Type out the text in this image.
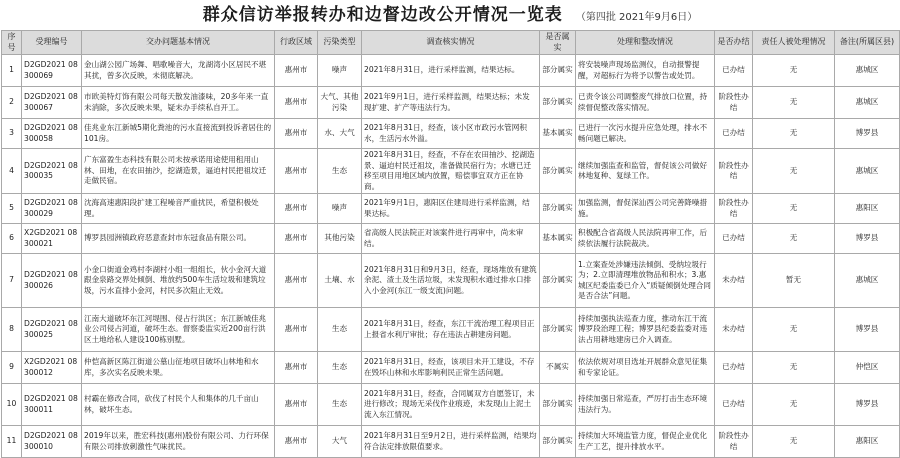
群众信访举报转办和边督边改公开情况一览表 （第四批 2021年9月6日）
序号	受理编号	交办问题基本情况	行政区域	污染类型	调查核实情况	是否属实	处理和整改情况	是否办结	责任人被处理情况	备注(所属区县)
1	D2GD2021 08300069	金山湖公园广场舞、唱歌噪音大，龙湖湾小区居民不堪其扰，曾多次反映，未彻底解决。	惠州市	噪声	2021年8月31日，进行采样监测，结果达标。	部分属实	将安装噪声现场监测仪，自动报警提醒，对超标行为将予以警告或处罚。	已办结	无	惠城区
2	D2GD2021 08300067	市欧美特灯饰有限公司每天散发油漆味，20多年来一直未消除，多次反映未果，疑未办手续私自开工。	惠州市	大气、其他污染	2021年9月1日，进行采样监测，结果达标；未发现扩建、扩产等违法行为。	部分属实	已责令该公司调整废气排放口位置，持续督促整改落实情况。	阶段性办结	无	惠城区
3	D2GD2021 08300058	佳兆业东江新城5期化粪池的污水直接流到投诉者居住的101房。	惠州市	水、大气	2021年8月31日，经查，该小区市政污水管网积水，生活污水外溢。	基本属实	已进行一次污水提升应急处理，排水不畅问题已解决。	已办结	无	博罗县
4	D2GD2021 08300035	广东富盈生态科技有限公司未按承诺用途使用租用山林、田地，在农田抽沙，挖湖造景，逼迫村民把祖坟迁走做民宿。	惠州市	生态	2021年8月31日，经查，不存在农田抽沙、挖湖造景、逼迫村民迁祖坟，准备做民宿行为；水塘已迁移至项目用地区域内放置，赔偿事宜双方正在协商。	部分属实	继续加强监查和监管，督促该公司做好林地复种、复绿工作。	阶段性办结	无	惠城区
5	D2GD2021 08300029	沈海高速惠阳段扩建工程噪音严重扰民，希望积极处理。	惠州市	噪声	2021年9月1日，惠阳区住建局进行采样监测，结果达标。	部分属实	加强监测，督促深汕西公司完善降噪措施。	阶段性办结	无	惠阳区
6	X2GD2021 08300021	博罗县园洲镇政府恶意查封市东冠食品有限公司。	惠州市	其他污染	省高级人民法院正对该案件进行再审中，尚未审结。	基本属实	积极配合省高级人民法院再审工作，后续依法履行法院裁决。	已办结	无	博罗县
7	D2GD2021 08300026	小金口街道金鸡村李湖村小组一组组长，伙小金河大道跟金泉路交界处倾倒、堆放约500车生活垃圾和建筑垃圾，污水直排小金河，村民多次阻止无效。	惠州市	土壤、水	2021年8月31日和9月3日，经查，现场堆放有建筑余泥、渣土及生活垃圾，未发现积水通过排水口排入小金河(东江一级支流)问题。	部分属实	1.立案查处涉嫌违法倾倒、受纳垃圾行为；2.立即清理堆放物品和积水；3.惠城区纪委监委已介入“质疑倾倒处理合同是否合法”问题。	未办结	暂无	惠城区
8	D2GD2021 08300025	江南大道破坏东江河堤围、侵占行洪区；东江新城佳兆业公司侵占河道，破坏生态。督察委监实近200亩行洪区土地给私人建设100栋别墅。	惠州市	生态	2021年8月31日，经查，东江干流治理工程项目正上报省水利厅审批；存在违法占耕建房问题。	部分属实	持续加强执法巡查力度，推动东江干流博罗段治理工程；博罗县纪委监委对违法占用耕地建房已介入调查。	未办结	无	博罗县
9	X2GD2021 08300012	仲恺高新区陈江街道公墓山征地项目破坏山林地和水库，多次实名反映未果。	惠州市	生态	2021年8月31日，经查，该项目未开工建设，不存在毁坏山林和水库影响利民正常生活问题。	不属实	依法依规对项目选址开展群众意见征集和专家论证。	已办结	无	仲恺区
10	D2GD2021 08300011	村霸在修改合同，砍伐了村民个人和集体的几千亩山林，破坏生态。	惠州市	生态	2021年8月31日，经查，合同属双方自愿签订，未进行修改；现场无采伐作业痕迹，未发现山上泥土流入东江情况。	部分属实	持续加强日常巡查，严厉打击生态环境违法行为。	已办结	无	博罗县
11	D2GD2021 08300010	2019年以来，胜宏科技(惠州)股份有限公司、力行环保有限公司排放刺激性气味扰民。	惠州市	大气	2021年8月31日至9月2日，进行采样监测，结果均符合法定排放限值要求。	部分属实	持续加大环境监管力度，督促企业优化生产工艺，提升排放水平。	阶段性办结	无	惠阳区
